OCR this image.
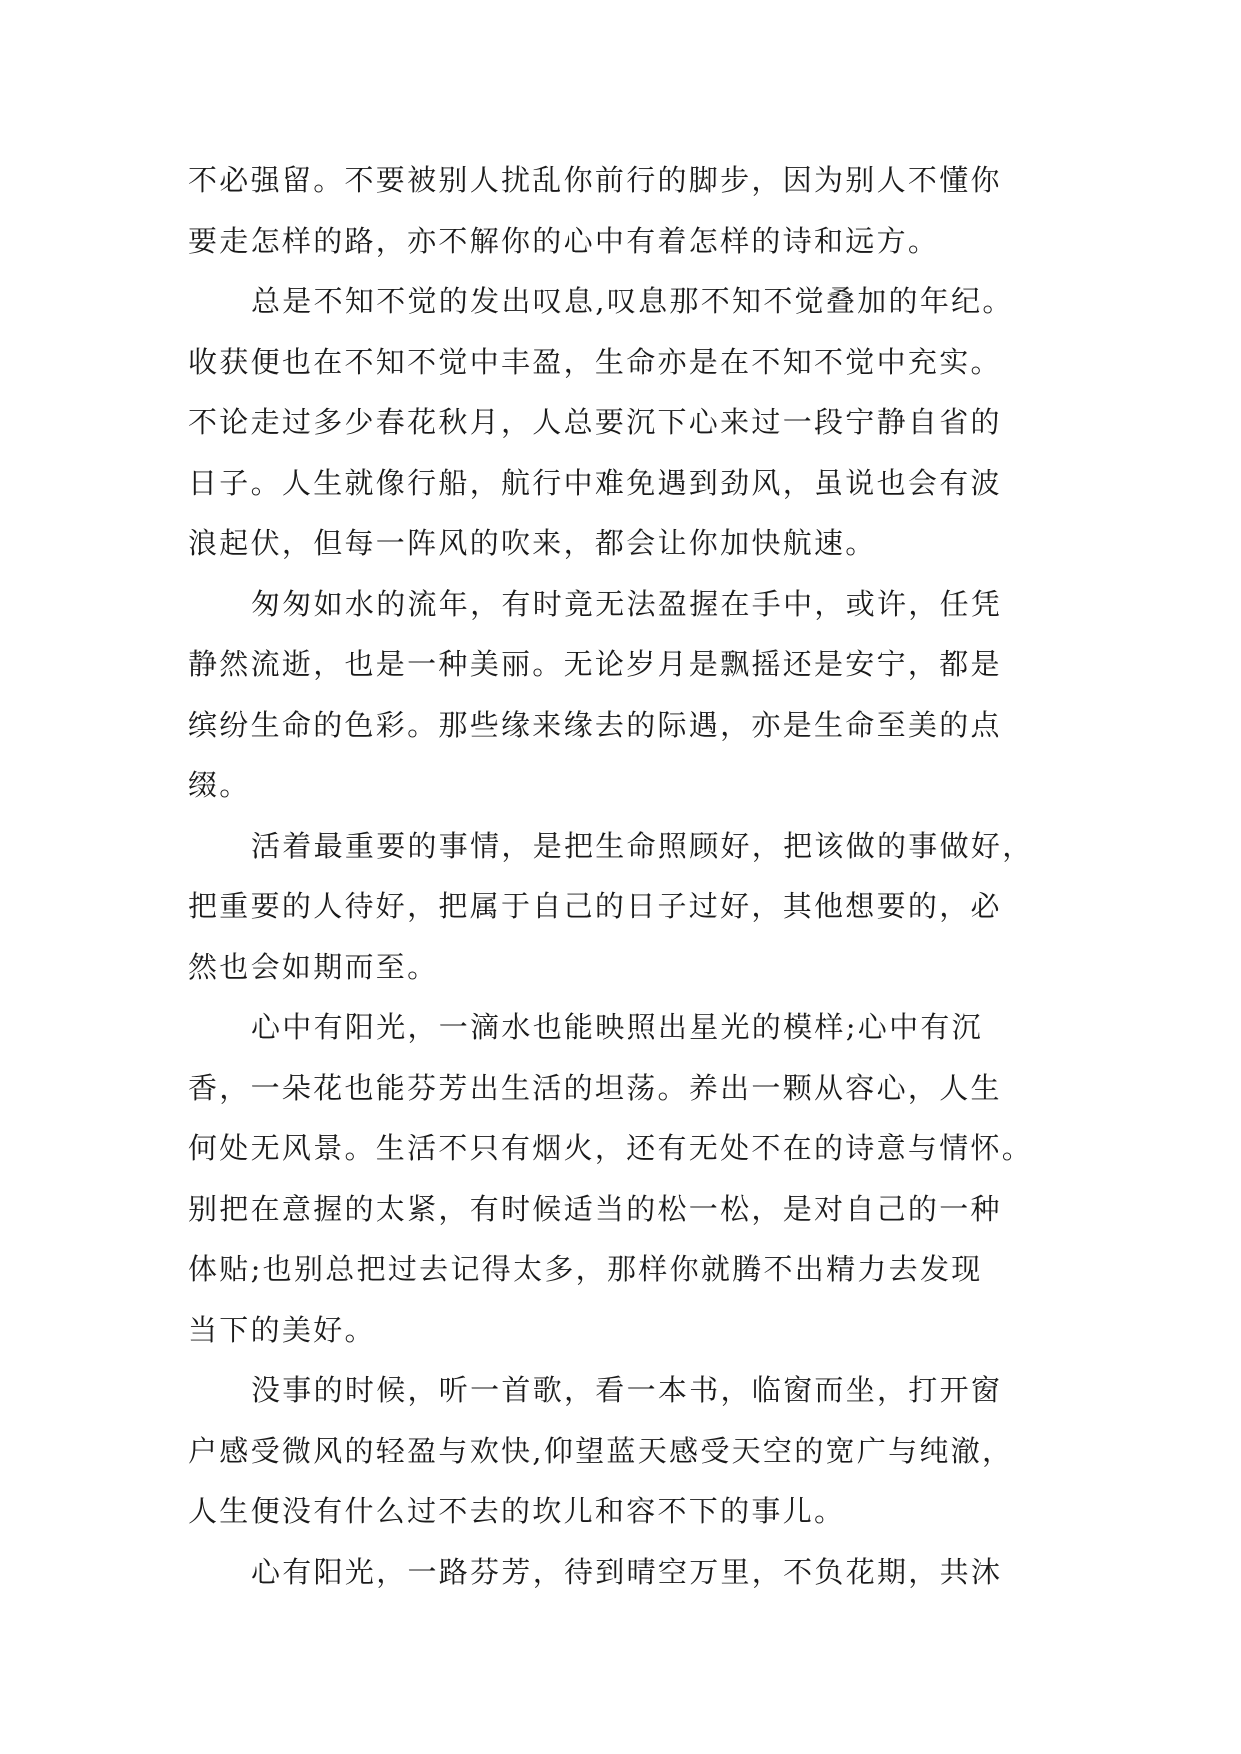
不必强留。不要被别人扰乱你前行的脚步，因为别人不懂你
要走怎样的路，亦不解你的心中有着怎样的诗和远方。
总是不知不觉的发出叹息,叹息那不知不觉叠加的年纪。
收获便也在不知不觉中丰盈，生命亦是在不知不觉中充实。
不论走过多少春花秋月，人总要沉下心来过一段宁静自省的
日子。人生就像行船，航行中难免遇到劲风，虽说也会有波
浪起伏，但每一阵风的吹来，都会让你加快航速。
匆匆如水的流年，有时竟无法盈握在手中，或许，任凭
静然流逝，也是一种美丽。无论岁月是飘摇还是安宁，都是
缤纷生命的色彩。那些缘来缘去的际遇，亦是生命至美的点
缀。
活着最重要的事情，是把生命照顾好，把该做的事做好，
把重要的人待好，把属于自己的日子过好，其他想要的，必
然也会如期而至。
心中有阳光，一滴水也能映照出星光的模样;心中有沉
香，一朵花也能芬芳出生活的坦荡。养出一颗从容心，人生
何处无风景。生活不只有烟火，还有无处不在的诗意与情怀。
别把在意握的太紧，有时候适当的松一松，是对自己的一种
体贴;也别总把过去记得太多，那样你就腾不出精力去发现
当下的美好。
没事的时候，听一首歌，看一本书，临窗而坐，打开窗
户感受微风的轻盈与欢快,仰望蓝天感受天空的宽广与纯澈，
人生便没有什么过不去的坎儿和容不下的事儿。
心有阳光，一路芬芳，待到晴空万里，不负花期，共沐
